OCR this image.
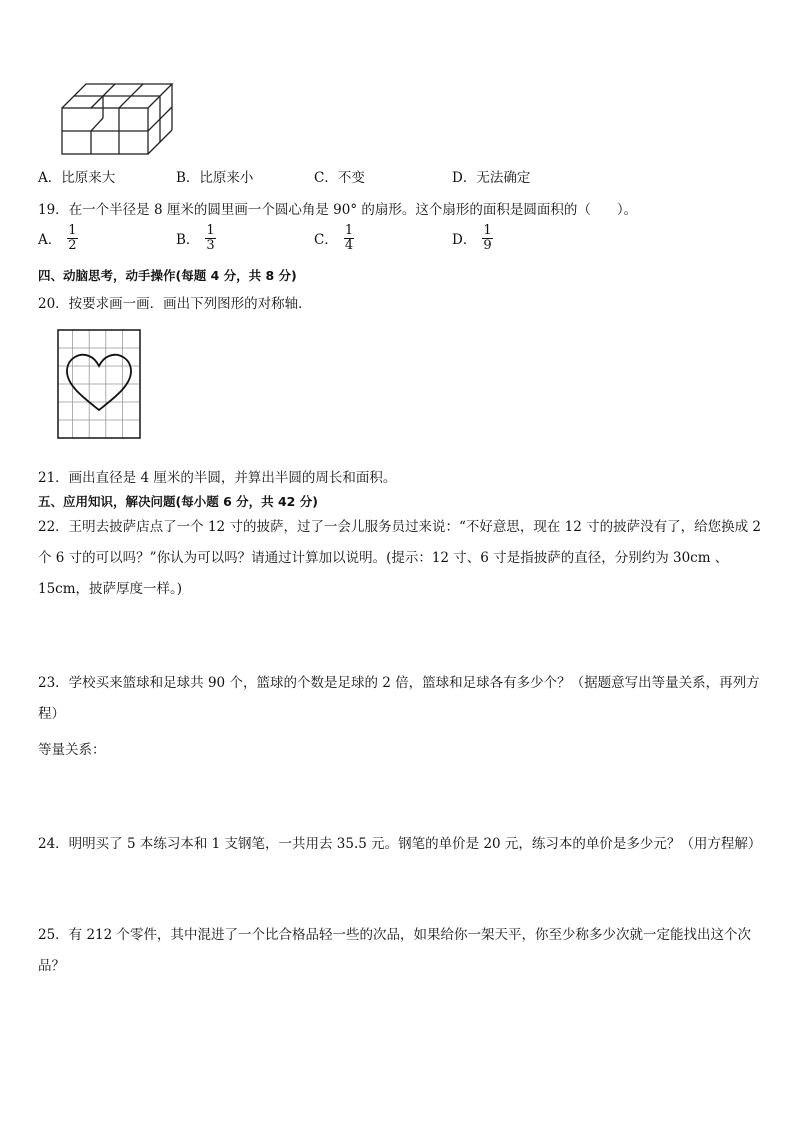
A． 比原来大	B． 比原来小	C． 不变	D． 无法确定
19．在一个半径是 8 厘米的圆里画一个圆心角是 90° 的扇形。这个扇形的面积是圆面积的（ ）。
A． $\frac{1}{2}$	B． $\frac{1}{3}$	C． $\frac{1}{4}$	D． $\frac{1}{9}$
四、动脑思考，动手操作(每题 4 分，共 8 分)
20．按要求画一画．画出下列图形的对称轴．
21．画出直径是 4 厘米的半圆，并算出半圆的周长和面积。
五、应用知识，解决问题(每小题 6 分，共 42 分)
22．王明去披萨店点了一个 12 寸的披萨，过了一会儿服务员过来说：“不好意思，现在 12 寸的披萨没有了，给您换成 2 个 6 寸的可以吗？”你认为可以吗？请通过计算加以说明。(提示：12 寸、6 寸是指披萨的直径，分别约为 30cm 、15cm，披萨厚度一样。)
23．学校买来篮球和足球共 90 个，篮球的个数是足球的 2 倍，篮球和足球各有多少个？（据题意写出等量关系，再列方程）
等量关系：
24．明明买了 5 本练习本和 1 支钢笔，一共用去 35.5 元。钢笔的单价是 20 元，练习本的单价是多少元？（用方程解）
25．有 212 个零件，其中混进了一个比合格品轻一些的次品，如果给你一架天平，你至少称多少次就一定能找出这个次品？
